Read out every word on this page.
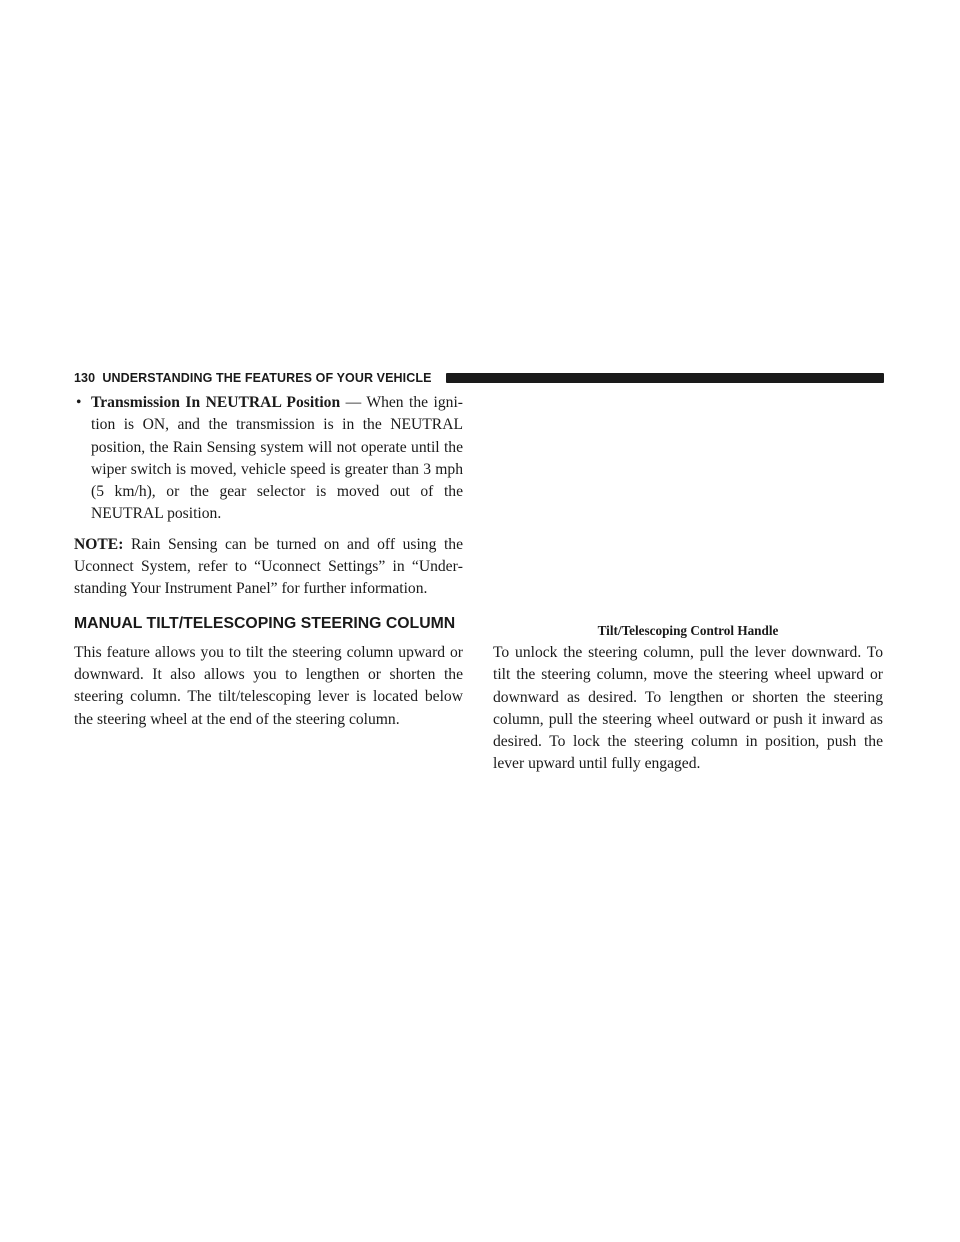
130 UNDERSTANDING THE FEATURES OF YOUR VEHICLE

• Transmission In NEUTRAL Position — When the ignition is ON, and the transmission is in the NEUTRAL position, the Rain Sensing system will not operate until the wiper switch is moved, vehicle speed is greater than 3 mph (5 km/h), or the gear selector is moved out of the NEUTRAL position.

NOTE: Rain Sensing can be turned on and off using the Uconnect System, refer to “Uconnect Settings” in “Understanding Your Instrument Panel” for further information.

MANUAL TILT/TELESCOPING STEERING COLUMN

This feature allows you to tilt the steering column upward or downward. It also allows you to lengthen or shorten the steering column. The tilt/telescoping lever is located below the steering wheel at the end of the steering column.

Tilt/Telescoping Control Handle

To unlock the steering column, pull the lever downward. To tilt the steering column, move the steering wheel upward or downward as desired. To lengthen or shorten the steering column, pull the steering wheel outward or push it inward as desired. To lock the steering column in position, push the lever upward until fully engaged.
